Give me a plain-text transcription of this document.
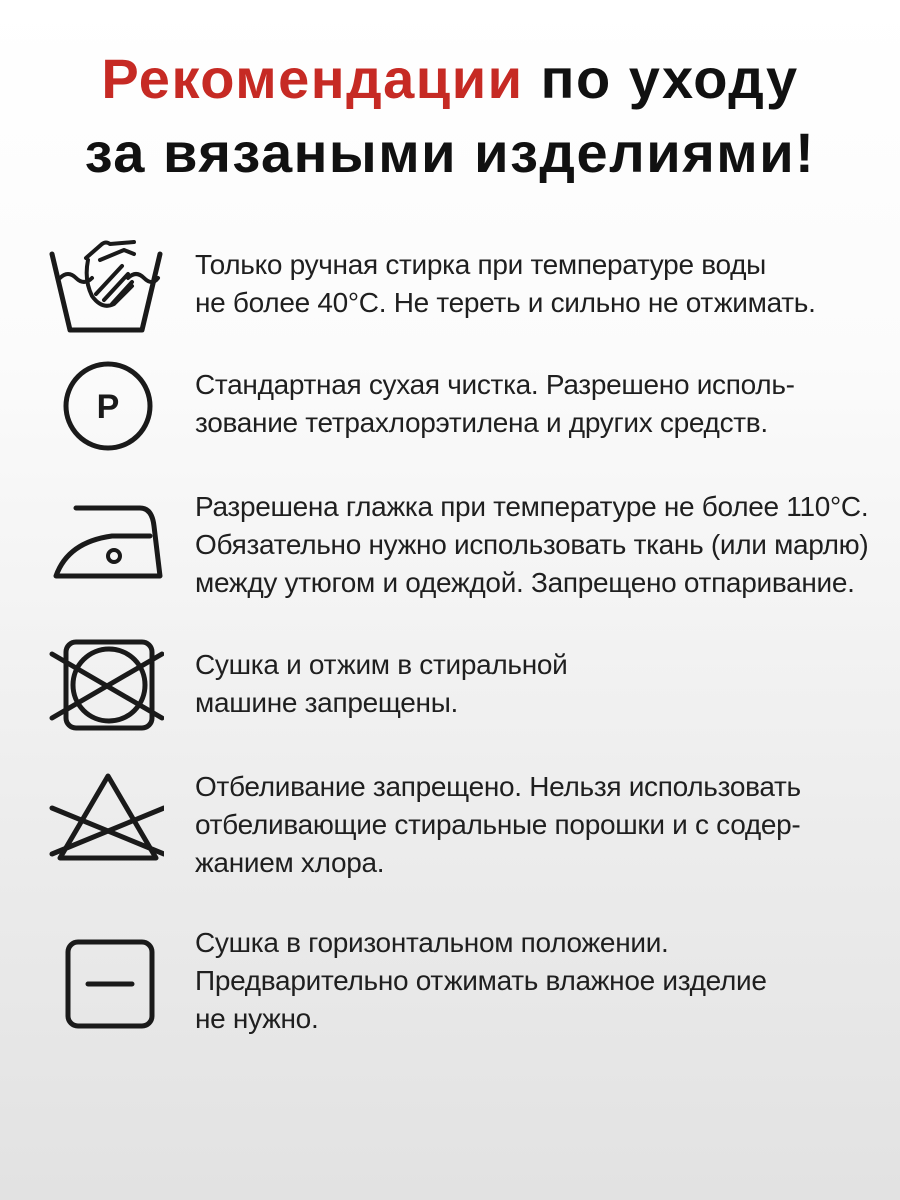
Рекомендации по уходу
за вязаными изделиями!
Только ручная стирка при температуре воды
не более 40°C. Не тереть и сильно не отжимать.
P
Стандартная сухая чистка. Разрешено исполь-
зование тетрахлорэтилена и других средств.
Разрешена глажка при температуре не более 110°C.
Обязательно нужно использовать ткань (или марлю)
между утюгом и одеждой. Запрещено отпаривание.
Сушка и отжим в стиральной
машине запрещены.
Отбеливание запрещено. Нельзя использовать
отбеливающие стиральные порошки и с содер-
жанием хлора.
Сушка в горизонтальном положении.
Предварительно отжимать влажное изделие
не нужно.
